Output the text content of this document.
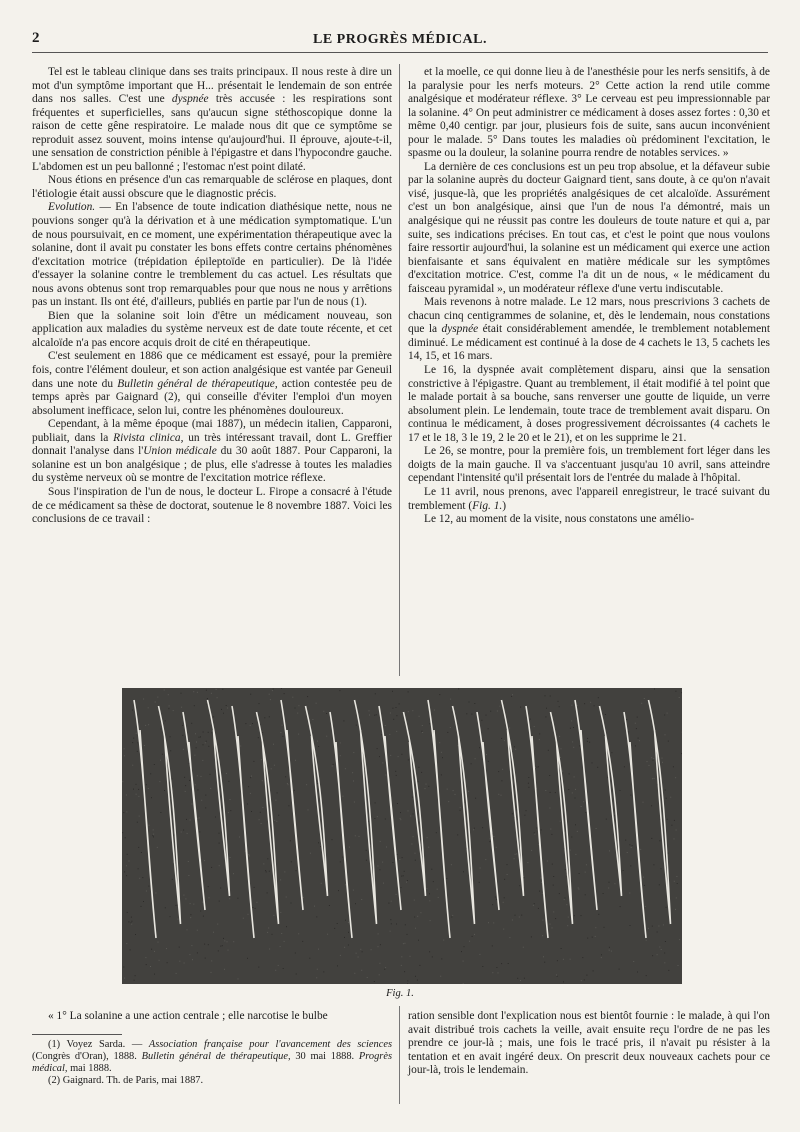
2	LE PROGRÈS MÉDICAL.

Tel est le tableau clinique dans ses traits principaux. Il nous reste à dire un mot d'un symptôme important que H... présentait le lendemain de son entrée dans nos salles. C'est une dyspnée très accusée : les respirations sont fréquentes et superficielles, sans qu'aucun signe stéthoscopique donne la raison de cette gêne respiratoire. Le malade nous dit que ce symptôme se reproduit assez souvent, moins intense qu'aujourd'hui. Il éprouve, ajoute-t-il, une sensation de constriction pénible à l'épigastre et dans l'hypocondre gauche. L'abdomen est un peu ballonné ; l'estomac n'est point dilaté.

Nous étions en présence d'un cas remarquable de sclérose en plaques, dont l'étiologie était aussi obscure que le diagnostic précis.

Evolution. — En l'absence de toute indication diathésique nette, nous ne pouvions songer qu'à la dérivation et à une médication symptomatique. L'un de nous poursuivait, en ce moment, une expérimentation thérapeutique avec la solanine, dont il avait pu constater les bons effets contre certains phénomènes d'excitation motrice (trépidation épileptoïde en particulier). De là l'idée d'essayer la solanine contre le tremblement du cas actuel. Les résultats que nous avons obtenus sont trop remarquables pour que nous ne nous y arrêtions pas un instant. Ils ont été, d'ailleurs, publiés en partie par l'un de nous (1).

Bien que la solanine soit loin d'être un médicament nouveau, son application aux maladies du système nerveux est de date toute récente, et cet alcaloïde n'a pas encore acquis droit de cité en thérapeutique.

C'est seulement en 1886 que ce médicament est essayé, pour la première fois, contre l'élément douleur, et son action analgésique est vantée par Geneuil dans une note du Bulletin général de thérapeutique, action contestée peu de temps après par Gaignard (2), qui conseille d'éviter l'emploi d'un moyen absolument inefficace, selon lui, contre les phénomènes douloureux.

Cependant, à la même époque (mai 1887), un médecin italien, Capparoni, publiait, dans la Rivista clinica, un très intéressant travail, dont L. Greffier donnait l'analyse dans l'Union médicale du 30 août 1887. Pour Capparoni, la solanine est un bon analgésique ; de plus, elle s'adresse à toutes les maladies du système nerveux où se montre de l'excitation motrice réflexe.

Sous l'inspiration de l'un de nous, le docteur L. Firope a consacré à l'étude de ce médicament sa thèse de doctorat, soutenue le 8 novembre 1887. Voici les conclusions de ce travail :

et la moelle, ce qui donne lieu à de l'anesthésie pour les nerfs sensitifs, à de la paralysie pour les nerfs moteurs. 2° Cette action la rend utile comme analgésique et modérateur réflexe. 3° Le cerveau est peu impressionnable par la solanine. 4° On peut administrer ce médicament à doses assez fortes : 0,30 et même 0,40 centigr. par jour, plusieurs fois de suite, sans aucun inconvénient pour le malade. 5° Dans toutes les maladies où prédominent l'excitation, le spasme ou la douleur, la solanine pourra rendre de notables services. »

La dernière de ces conclusions est un peu trop absolue, et la défaveur subie par la solanine auprès du docteur Gaignard tient, sans doute, à ce qu'on n'avait visé, jusque-là, que les propriétés analgésiques de cet alcaloïde. Assurément c'est un bon analgésique, ainsi que l'un de nous l'a démontré, mais un analgésique qui ne réussit pas contre les douleurs de toute nature et qui a, par suite, ses indications précises. En tout cas, et c'est le point que nous voulons faire ressortir aujourd'hui, la solanine est un médicament qui exerce une action bienfaisante et sans équivalent en matière médicale sur les symptômes d'excitation motrice. C'est, comme l'a dit un de nous, « le médicament du faisceau pyramidal », un modérateur réflexe d'une vertu indiscutable.

Mais revenons à notre malade. Le 12 mars, nous prescrivions 3 cachets de chacun cinq centigrammes de solanine, et, dès le lendemain, nous constations que la dyspnée était considérablement amendée, le tremblement notablement diminué. Le médicament est continué à la dose de 4 cachets le 13, 5 cachets les 14, 15, et 16 mars.

Le 16, la dyspnée avait complètement disparu, ainsi que la sensation constrictive à l'épigastre. Quant au tremblement, il était modifié à tel point que le malade portait à sa bouche, sans renverser une goutte de liquide, un verre absolument plein. Le lendemain, toute trace de tremblement avait disparu. On continua le médicament, à doses progressivement décroissantes (4 cachets le 17 et le 18, 3 le 19, 2 le 20 et le 21), et on les supprime le 21.

Le 26, se montre, pour la première fois, un tremblement fort léger dans les doigts de la main gauche. Il va s'accentuant jusqu'au 10 avril, sans atteindre cependant l'intensité qu'il présentait lors de l'entrée du malade à l'hôpital.

Le 11 avril, nous prenons, avec l'appareil enregistreur, le tracé suivant du tremblement (Fig. 1.)

Le 12, au moment de la visite, nous constatons une amélio-

Fig. 1.

« 1° La solanine a une action centrale ; elle narcotise le bulbe

(1) Voyez Sarda. — Association française pour l'avancement des sciences (Congrès d'Oran), 1888. Bulletin général de thérapeutique, 30 mai 1888. Progrès médical, mai 1888.

(2) Gaignard. Th. de Paris, mai 1887.

ration sensible dont l'explication nous est bientôt fournie : le malade, à qui l'on avait distribué trois cachets la veille, avait ensuite reçu l'ordre de ne pas les prendre ce jour-là ; mais, une fois le tracé pris, il n'avait pu résister à la tentation et en avait ingéré deux. On prescrit deux nouveaux cachets pour ce jour-là, trois le lendemain.
